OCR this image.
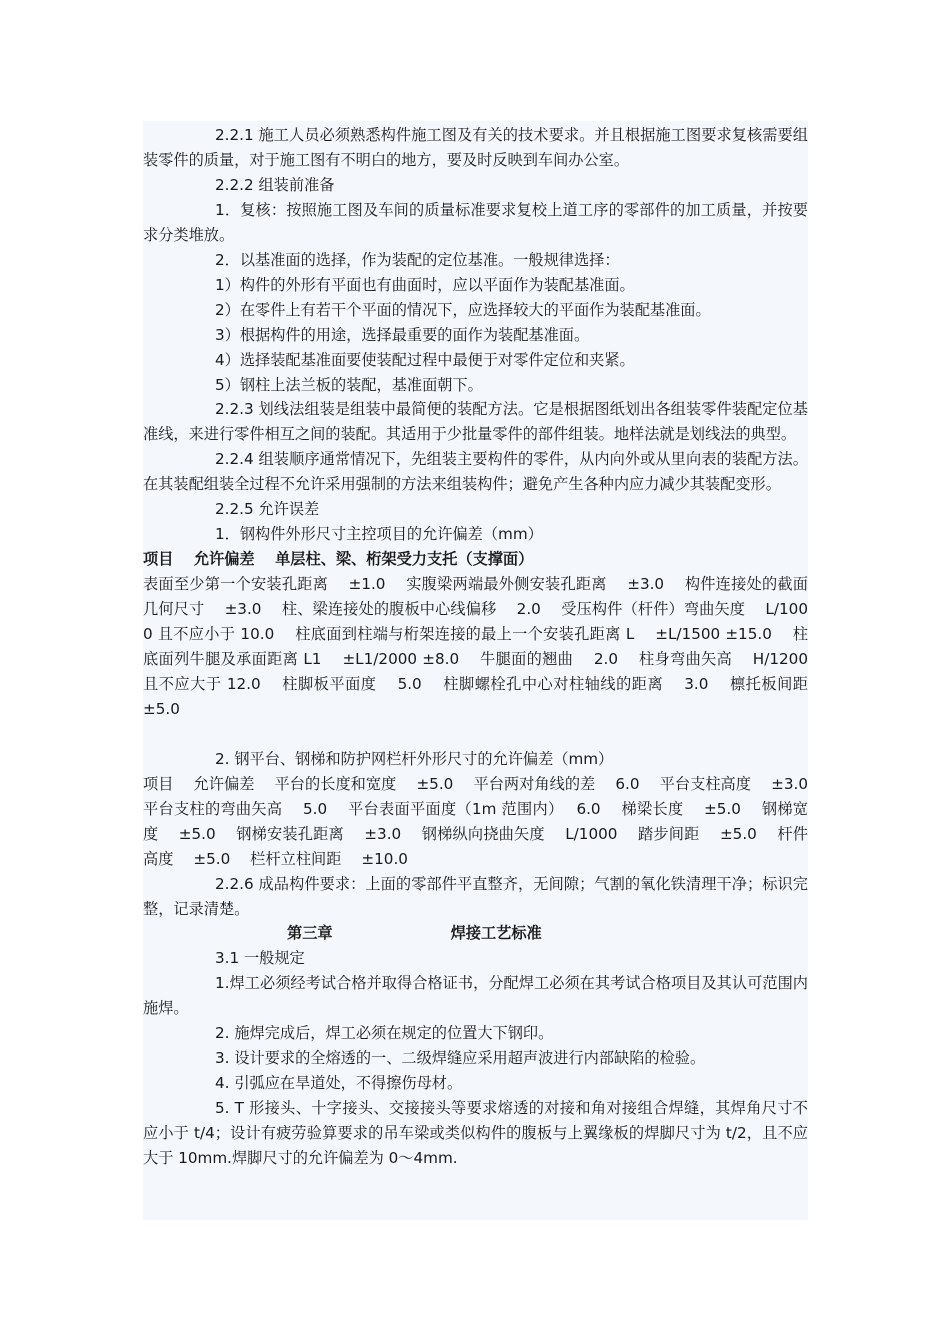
2.2.1 施工人员必须熟悉构件施工图及有关的技术要求。并且根据施工图要求复核需要组装零件的质量，对于施工图有不明白的地方，要及时反映到车间办公室。

2.2.2 组装前准备

1．复核：按照施工图及车间的质量标准要求复校上道工序的零部件的加工质量，并按要求分类堆放。

2．以基准面的选择，作为装配的定位基准。一般规律选择：

1）构件的外形有平面也有曲面时，应以平面作为装配基准面。

2）在零件上有若干个平面的情况下，应选择较大的平面作为装配基准面。

3）根据构件的用途，选择最重要的面作为装配基准面。

4）选择装配基准面要使装配过程中最便于对零件定位和夹紧。

5）钢柱上法兰板的装配，基准面朝下。

2.2.3 划线法组装是组装中最简便的装配方法。它是根据图纸划出各组装零件装配定位基准线，来进行零件相互之间的装配。其适用于少批量零件的部件组装。地样法就是划线法的典型。

2.2.4 组装顺序通常情况下，先组装主要构件的零件，从内向外或从里向表的装配方法。在其装配组装全过程不允许采用强制的方法来组装构件；避免产生各种内应力减少其装配变形。

2.2.5 允许误差

1．钢构件外形尺寸主控项目的允许偏差（mm）

项目　 允许偏差　 单层柱、梁、桁架受力支托（支撑面）

表面至少第一个安装孔距离　 ±1.0　 实腹梁两端最外侧安装孔距离　 ±3.0　 构件连接处的截面几何尺寸　 ±3.0　 柱、梁连接处的腹板中心线偏移　 2.0　 受压构件（杆件）弯曲矢度　 L/1000 且不应小于 10.0　 柱底面到柱端与桁架连接的最上一个安装孔距离 L　 ±L/1500 ±15.0　 柱底面列牛腿及承面距离 L1　 ±L1/2000 ±8.0　 牛腿面的翘曲　 2.0　 柱身弯曲矢高　 H/1200 且不应大于 12.0　 柱脚板平面度　 5.0　 柱脚螺栓孔中心对柱轴线的距离　 3.0　 檩托板间距　 ±5.0

2. 钢平台、钢梯和防护网栏杆外形尺寸的允许偏差（mm）

项目　 允许偏差　 平台的长度和宽度　 ±5.0　 平台两对角线的差　 6.0　 平台支柱高度　 ±3.0　 平台支柱的弯曲矢高　 5.0　 平台表面平面度（1m 范围内）　 6.0　 梯梁长度　 ±5.0　 钢梯宽度　 ±5.0　 钢梯安装孔距离　 ±3.0　 钢梯纵向挠曲矢度　 L/1000　 踏步间距　 ±5.0　 杆件高度　 ±5.0　 栏杆立柱间距　 ±10.0

2.2.6 成品构件要求：上面的零部件平直整齐，无间隙；气割的氧化铁清理干净；标识完整，记录清楚。

第三章	焊接工艺标准

3.1 一般规定

1.焊工必须经考试合格并取得合格证书，分配焊工必须在其考试合格项目及其认可范围内施焊。

2. 施焊完成后，焊工必须在规定的位置大下钢印。

3. 设计要求的全熔透的一、二级焊缝应采用超声波进行内部缺陷的检验。

4. 引弧应在旱道处，不得擦伤母材。

5. T 形接头、十字接头、交接接头等要求熔透的对接和角对接组合焊缝，其焊角尺寸不应小于 t/4；设计有疲劳验算要求的吊车梁或类似构件的腹板与上翼缘板的焊脚尺寸为 t/2，且不应大于 10mm.焊脚尺寸的允许偏差为 0～4mm.
